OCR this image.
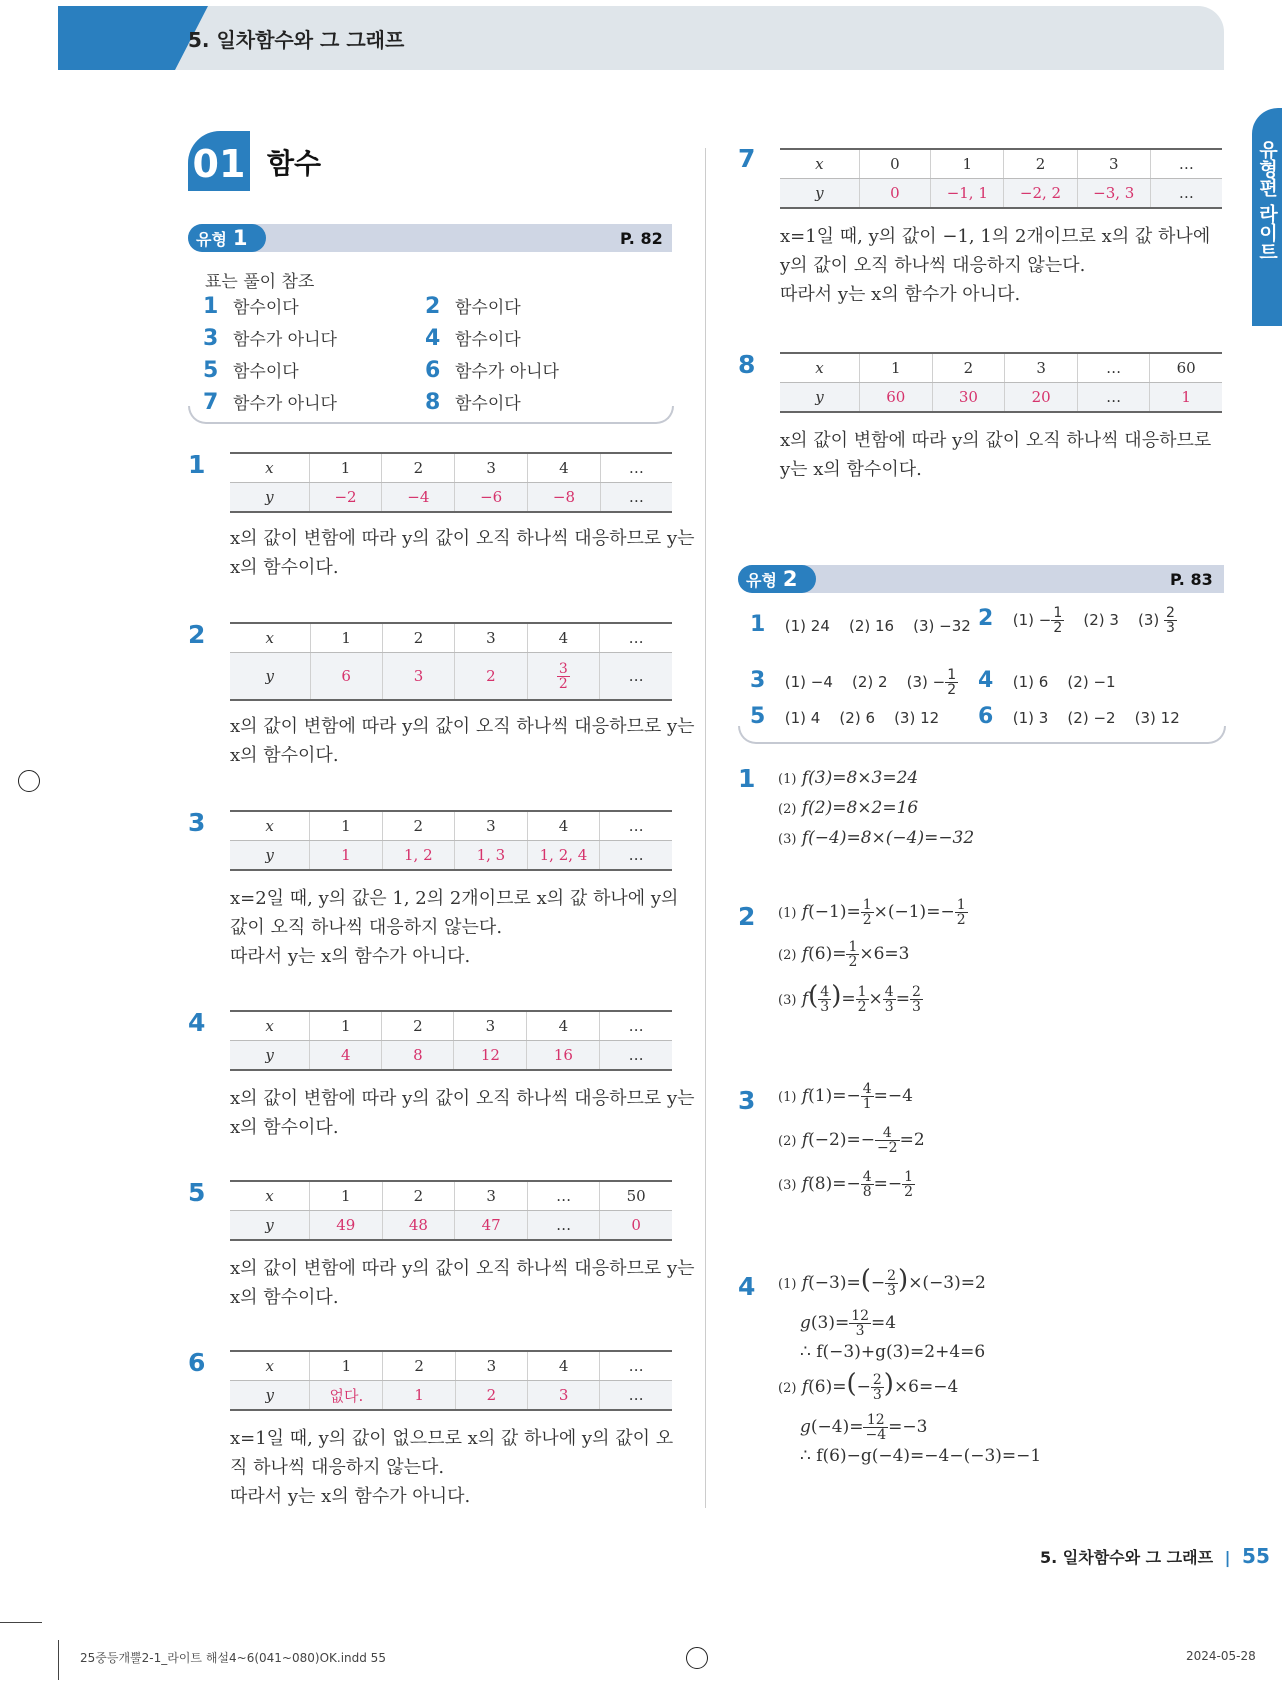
5. 일차함수와 그 그래프
유형편 라이트
01 함수
유형 1	P. 82
표는 풀이 참조
1 함수이다	2 함수이다
3 함수가 아니다	4 함수이다
5 함수이다	6 함수가 아니다
7 함수가 아니다	8 함수이다
1	x	1	2	3	4	…
y	−2	−4	−6	−8	…
x의 값이 변함에 따라 y의 값이 오직 하나씩 대응하므로 y는
x의 함수이다.
2	x	1	2	3	4	…
y	6	3	2	$\frac{3}{2}$	…
x의 값이 변함에 따라 y의 값이 오직 하나씩 대응하므로 y는
x의 함수이다.
3	x	1	2	3	4	…
y	1	1, 2	1, 3	1, 2, 4	…
x=2일 때, y의 값은 1, 2의 2개이므로 x의 값 하나에 y의
값이 오직 하나씩 대응하지 않는다.
따라서 y는 x의 함수가 아니다.
4	x	1	2	3	4	…
y	4	8	12	16	…
x의 값이 변함에 따라 y의 값이 오직 하나씩 대응하므로 y는
x의 함수이다.
5	x	1	2	3	…	50
y	49	48	47	…	0
x의 값이 변함에 따라 y의 값이 오직 하나씩 대응하므로 y는
x의 함수이다.
6	x	1	2	3	4	…
y	없다.	1	2	3	…
x=1일 때, y의 값이 없으므로 x의 값 하나에 y의 값이 오
직 하나씩 대응하지 않는다.
따라서 y는 x의 함수가 아니다.
7	x	0	1	2	3	…
y	0	−1, 1	−2, 2	−3, 3	…
x=1일 때, y의 값이 −1, 1의 2개이므로 x의 값 하나에
y의 값이 오직 하나씩 대응하지 않는다.
따라서 y는 x의 함수가 아니다.
8	x	1	2	3	…	60
y	60	30	20	…	1
x의 값이 변함에 따라 y의 값이 오직 하나씩 대응하므로
y는 x의 함수이다.
유형 2	P. 83
1 (1) 24 (2) 16 (3) −32 2 $(1) - \frac{1}{2} (2)$ 3 $(3) \frac{2}{3}$
3 (1) −4 (2) 2 $(3) - \frac{1}{2} 4$ (1) 6 (2) −1
5 (1) 4 (2) 6 (3) 12 6 (1) 3 (2) −2 (3) 12
1 (1) f(3)=8×3=24
(2) f(2)=8×2=16
(3) f(−4)=8×(−4)=−32
2 (1) $f(-1)= \frac{1}{2} \times(-1)=- \frac{1}{2}$
(2) $f(6)= \frac{1}{2} \times 6=3$
(3) $f( \frac{4}{3}$ )= $\frac{1}{2} \times \frac{4}{3} = \frac{2}{3}$
3 (1) $f(1)=- \frac{4}{1} =-4$
(2) $f(-2)=- \frac{4}{-2} =2$
(3) $f(8)=- \frac{4}{8} =- \frac{1}{2}$
4 (1) $f(-3)=(- \frac{2}{3} )\times(-3)=2$
$g(3)= \frac{12}{3} =4$
∴ f(−3)+g(3)=2+4=6
(2) $f(6)=(- \frac{2}{3} )\times 6=-4$
$g(-4)= \frac{12}{-4} =-3$
∴ f(6)−g(−4)=−4−(−3)=−1
5. 일차함수와 그 그래프 | 55
25중등개뿔2-1_라이트 해설4~6(041~080)OK.indd 55	2024-05-28
